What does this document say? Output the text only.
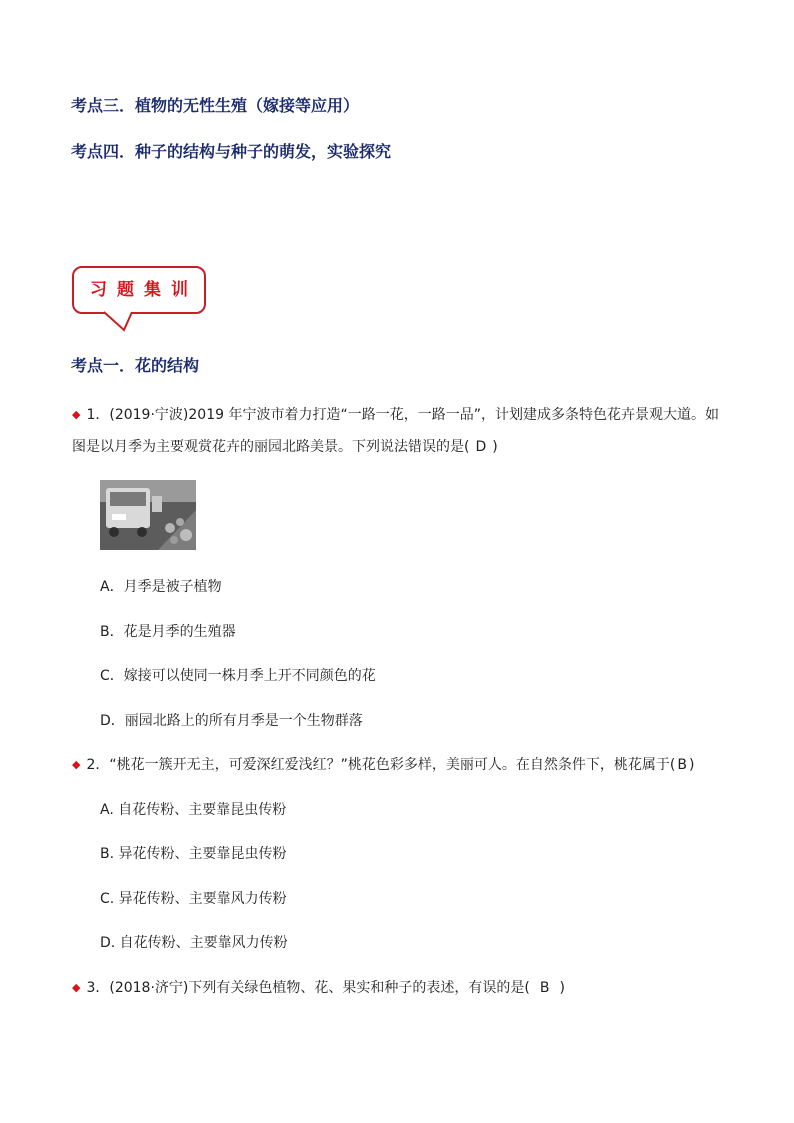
考点三．植物的无性生殖（嫁接等应用）
考点四．种子的结构与种子的萌发，实验探究
习题集训
考点一．花的结构
◆ 1．(2019·宁波)2019 年宁波市着力打造“一路一花，一路一品”，计划建成多条特色花卉景观大道。如
图是以月季为主要观赏花卉的丽园北路美景。下列说法错误的是( D )
A．月季是被子植物
B．花是月季的生殖器
C．嫁接可以使同一株月季上开不同颜色的花
D．丽园北路上的所有月季是一个生物群落
◆ 2．“桃花一簇开无主，可爱深红爱浅红？”桃花色彩多样，美丽可人。在自然条件下，桃花属于( B )
A. 自花传粉、主要靠昆虫传粉
B. 异花传粉、主要靠昆虫传粉
C. 异花传粉、主要靠风力传粉
D. 自花传粉、主要靠风力传粉
◆ 3．(2018·济宁)下列有关绿色植物、花、果实和种子的表述，有误的是( B )
